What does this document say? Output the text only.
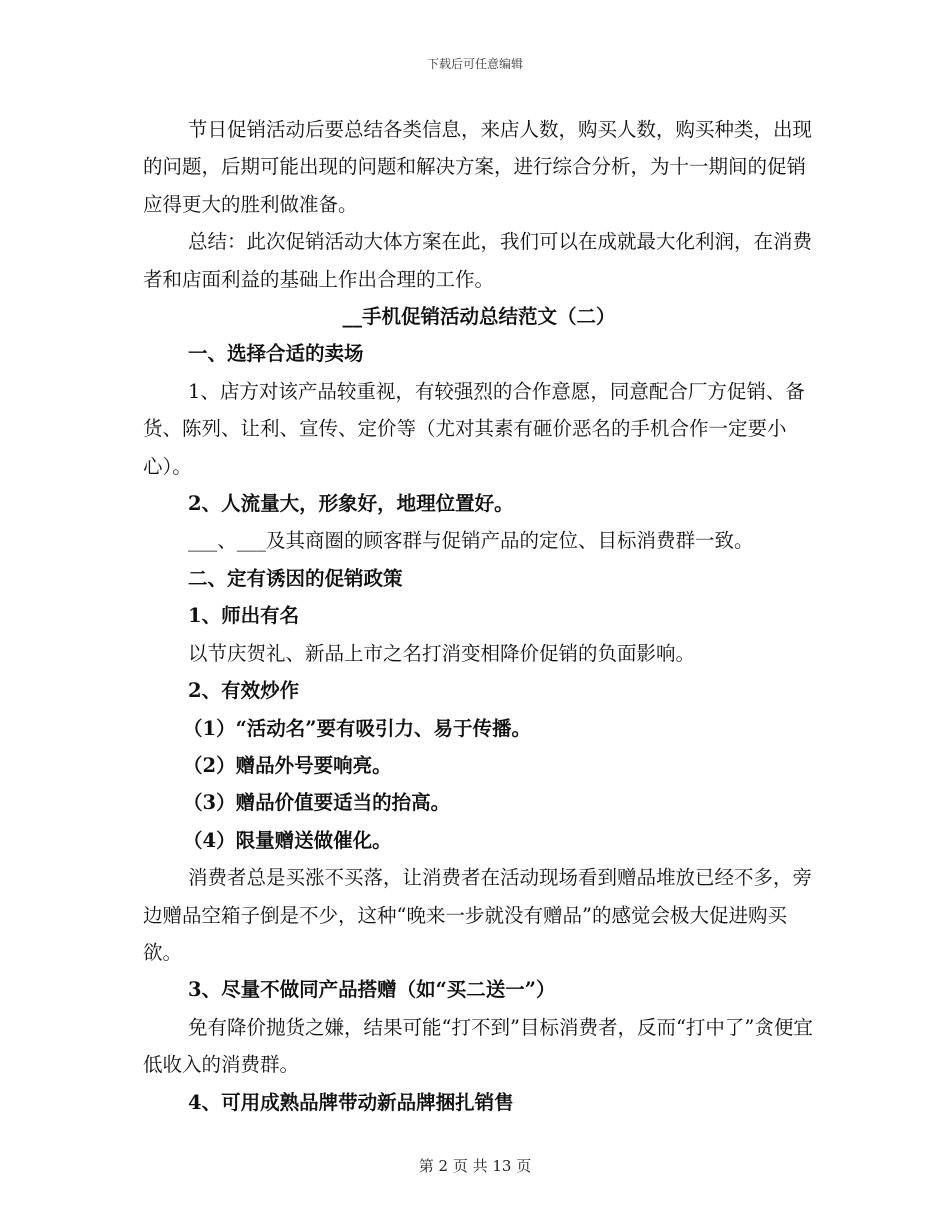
下载后可任意编辑

节日促销活动后要总结各类信息，来店人数，购买人数，购买种类，出现的问题，后期可能出现的问题和解决方案，进行综合分析，为十一期间的促销应得更大的胜利做准备。

总结：此次促销活动大体方案在此，我们可以在成就最大化利润，在消费者和店面利益的基础上作出合理的工作。

__手机促销活动总结范文（二）

一、选择合适的卖场

1、店方对该产品较重视，有较强烈的合作意愿，同意配合厂方促销、备货、陈列、让利、宣传、定价等（尤对其素有砸价恶名的手机合作一定要小心）。

2、人流量大，形象好，地理位置好。

___、___及其商圈的顾客群与促销产品的定位、目标消费群一致。

二、定有诱因的促销政策

1、师出有名

以节庆贺礼、新品上市之名打消变相降价促销的负面影响。

2、有效炒作

（1）“活动名”要有吸引力、易于传播。

（2）赠品外号要响亮。

（3）赠品价值要适当的抬高。

（4）限量赠送做催化。

消费者总是买涨不买落，让消费者在活动现场看到赠品堆放已经不多，旁边赠品空箱子倒是不少，这种“晚来一步就没有赠品”的感觉会极大促进购买欲。

3、尽量不做同产品搭赠（如“买二送一”）

免有降价抛货之嫌，结果可能“打不到”目标消费者，反而“打中了”贪便宜低收入的消费群。

4、可用成熟品牌带动新品牌捆扎销售

第 2 页 共 13 页
